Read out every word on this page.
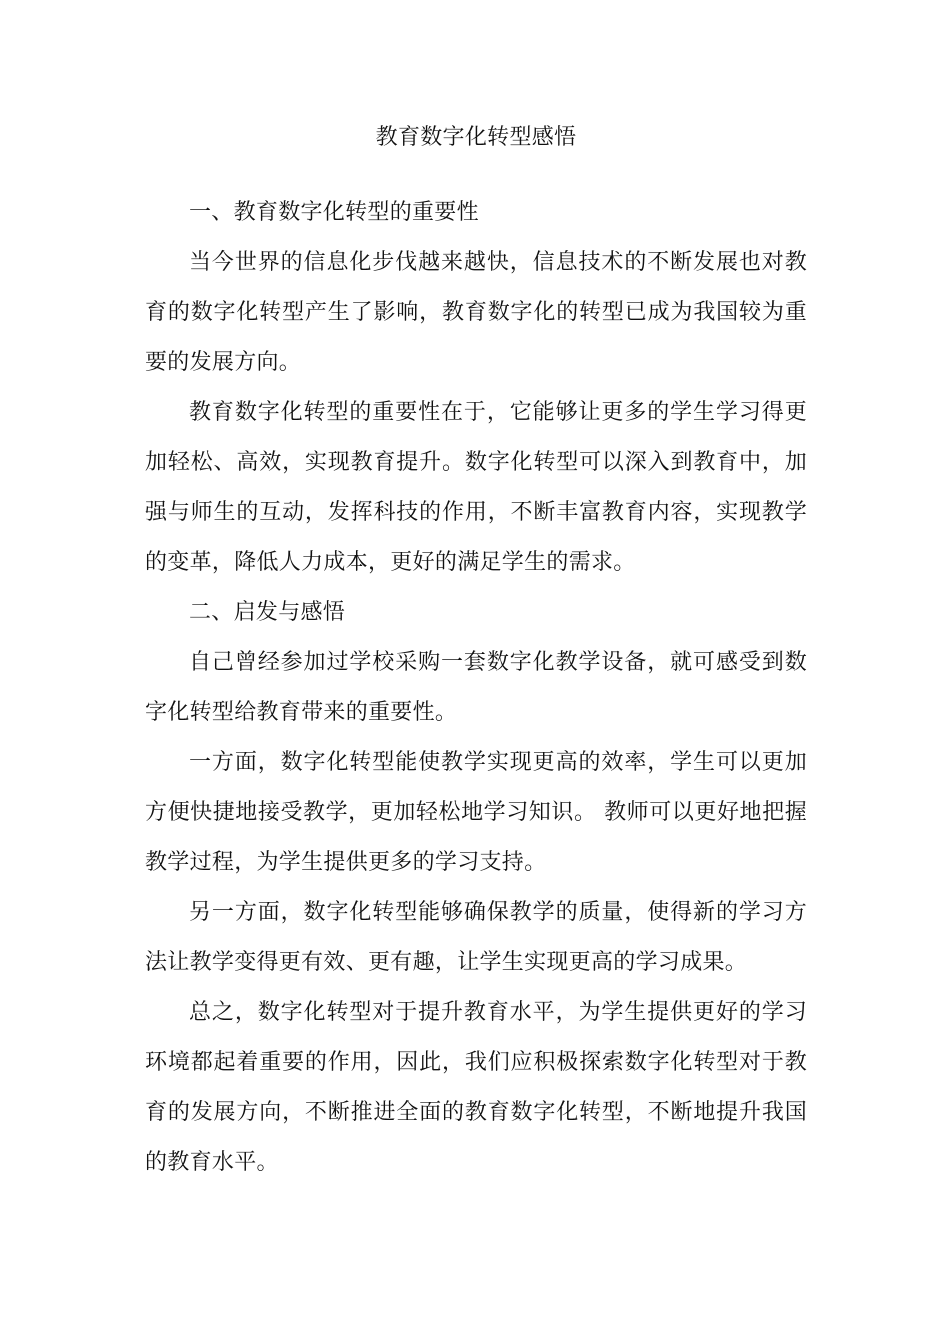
教育数字化转型感悟

一、教育数字化转型的重要性

当今世界的信息化步伐越来越快，信息技术的不断发展也对教育的数字化转型产生了影响，教育数字化的转型已成为我国较为重要的发展方向。

教育数字化转型的重要性在于，它能够让更多的学生学习得更加轻松、高效，实现教育提升。数字化转型可以深入到教育中，加强与师生的互动，发挥科技的作用，不断丰富教育内容，实现教学的变革，降低人力成本，更好的满足学生的需求。

二、启发与感悟

自己曾经参加过学校采购一套数字化教学设备，就可感受到数字化转型给教育带来的重要性。

一方面，数字化转型能使教学实现更高的效率，学生可以更加方便快捷地接受教学，更加轻松地学习知识。 教师可以更好地把握教学过程，为学生提供更多的学习支持。

另一方面，数字化转型能够确保教学的质量，使得新的学习方法让教学变得更有效、更有趣，让学生实现更高的学习成果。

总之，数字化转型对于提升教育水平，为学生提供更好的学习环境都起着重要的作用，因此，我们应积极探索数字化转型对于教育的发展方向，不断推进全面的教育数字化转型，不断地提升我国的教育水平。
